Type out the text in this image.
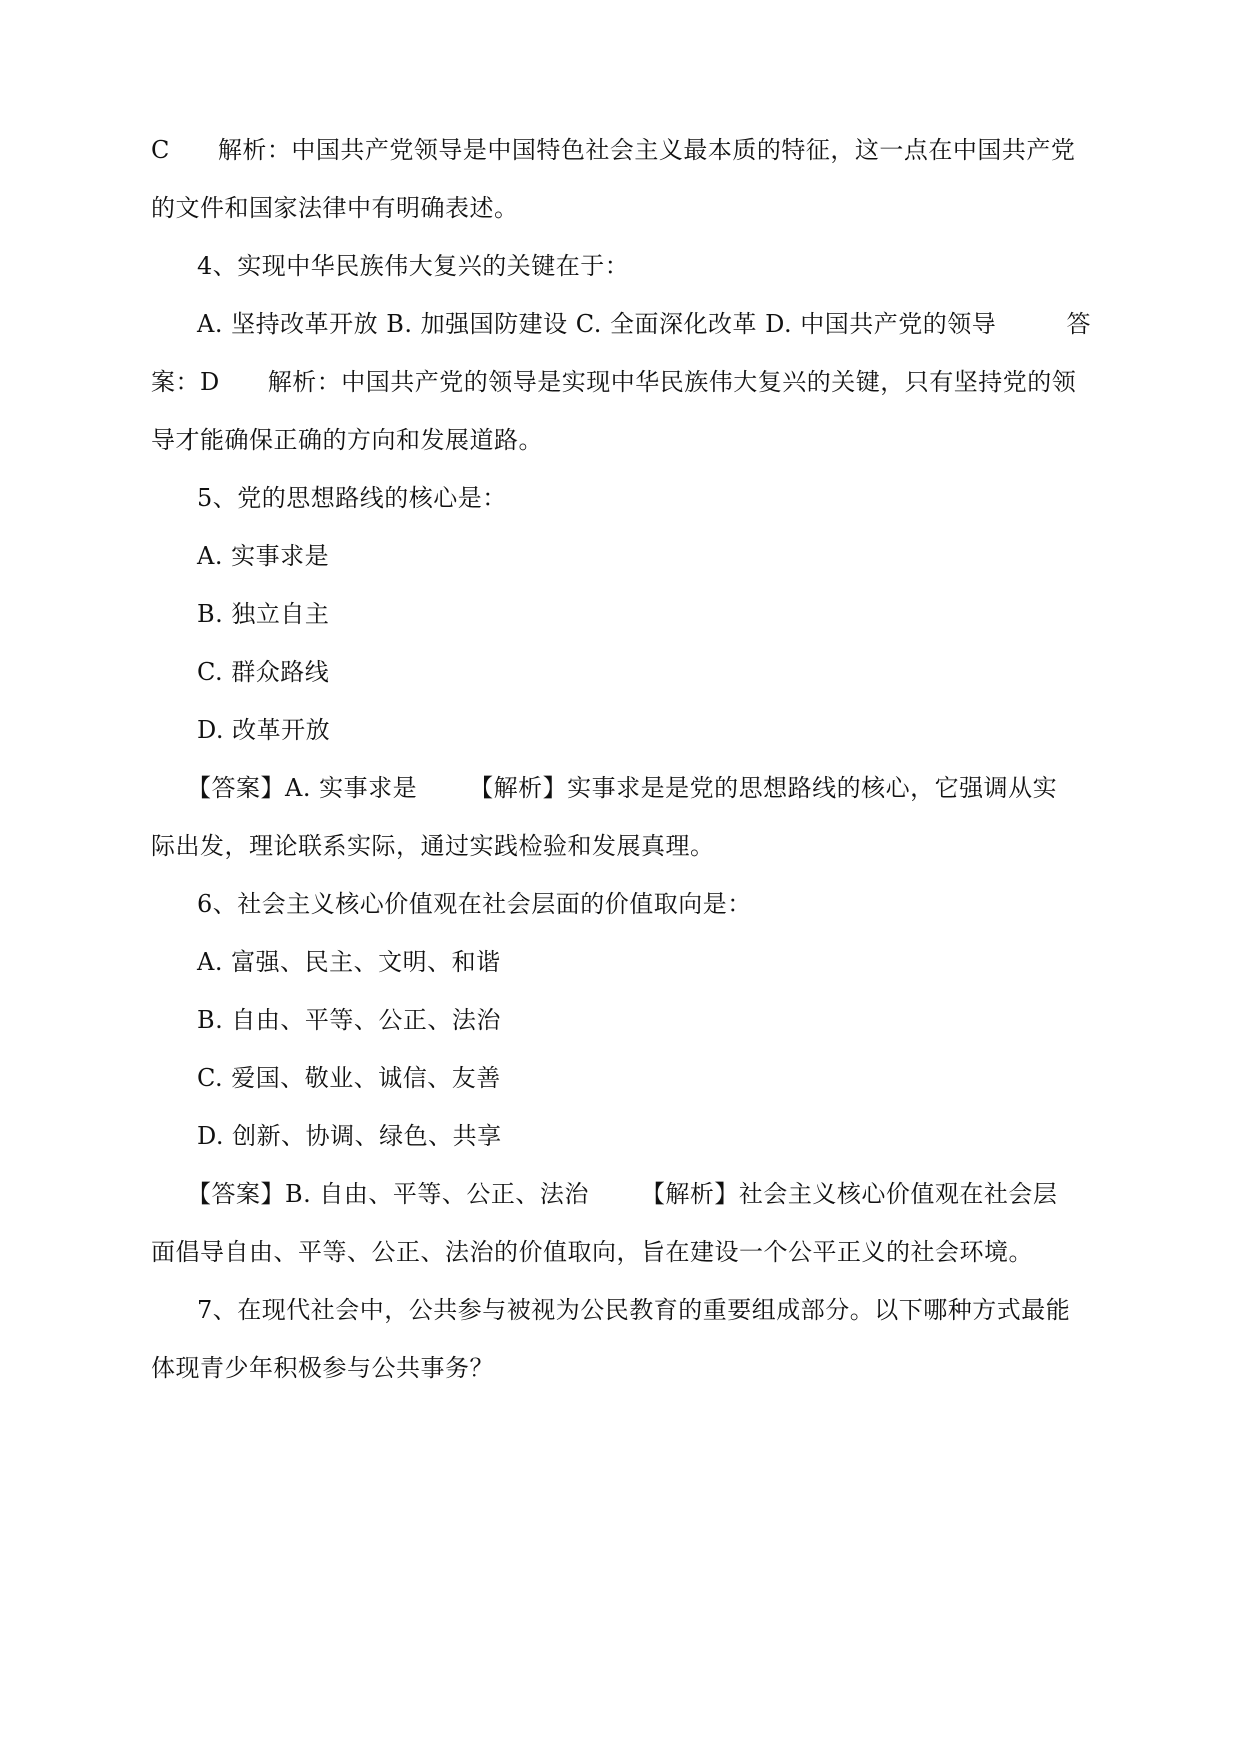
C 解析：中国共产党领导是中国特色社会主义最本质的特征，这一点在中国共产党
的文件和国家法律中有明确表述。
4、实现中华民族伟大复兴的关键在于：
A. 坚持改革开放 B. 加强国防建设 C. 全面深化改革 D. 中国共产党的领导	答
案：D 解析：中国共产党的领导是实现中华民族伟大复兴的关键，只有坚持党的领
导才能确保正确的方向和发展道路。
5、党的思想路线的核心是：
A. 实事求是
B. 独立自主
C. 群众路线
D. 改革开放
【答案】A. 实事求是 【解析】实事求是是党的思想路线的核心，它强调从实
际出发，理论联系实际，通过实践检验和发展真理。
6、社会主义核心价值观在社会层面的价值取向是：
A. 富强、民主、文明、和谐
B. 自由、平等、公正、法治
C. 爱国、敬业、诚信、友善
D. 创新、协调、绿色、共享
【答案】B. 自由、平等、公正、法治 【解析】社会主义核心价值观在社会层
面倡导自由、平等、公正、法治的价值取向，旨在建设一个公平正义的社会环境。
7、在现代社会中，公共参与被视为公民教育的重要组成部分。以下哪种方式最能
体现青少年积极参与公共事务？
